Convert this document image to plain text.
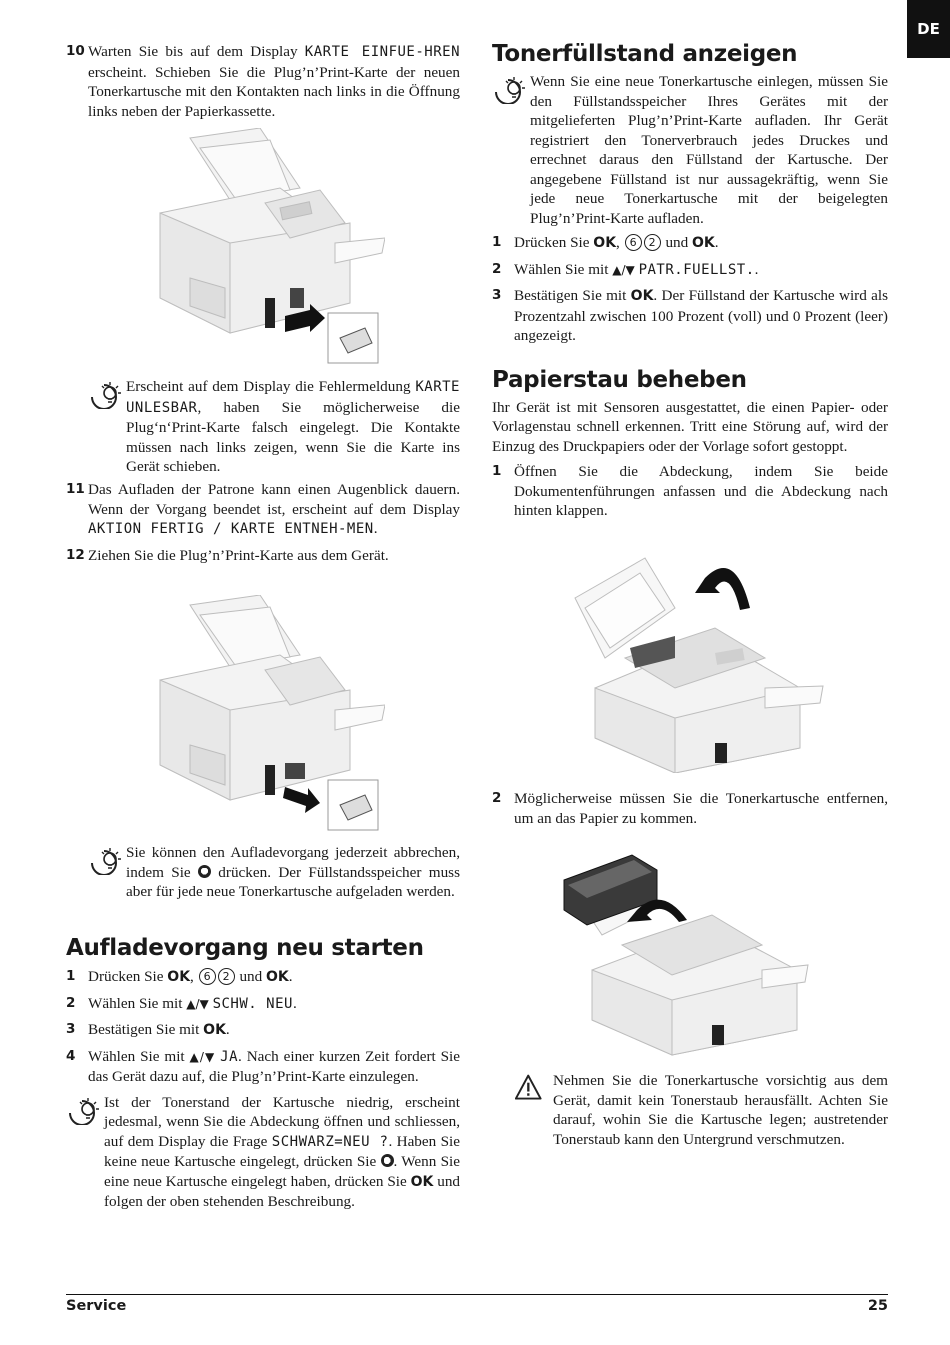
DE
10 Warten Sie bis auf dem Display KARTE EINFUE-HREN erscheint. Schieben Sie die Plug’n’Print-Karte der neuen Tonerkartusche mit den Kontakten nach links in die Öffnung links neben der Papierkassette.
Erscheint auf dem Display die Fehlermeldung KARTE UNLESBAR, haben Sie möglicherweise die Plug‘n‘Print-Karte falsch eingelegt. Die Kontakte müssen nach links zeigen, wenn Sie die Karte ins Gerät schieben.
11 Das Aufladen der Patrone kann einen Augenblick dauern. Wenn der Vorgang beendet ist, erscheint auf dem Display AKTION FERTIG / KARTE ENTNEH-MEN.
12 Ziehen Sie die Plug’n’Print-Karte aus dem Gerät.
Sie können den Aufladevorgang jederzeit abbrechen, indem Sie  drücken. Der Füllstandsspeicher muss aber für jede neue Tonerkartusche aufgeladen werden.
Aufladevorgang neu starten
1 Drücken Sie OK, 6 2 und OK.
2 Wählen Sie mit ▲/▼ SCHW. NEU.
3 Bestätigen Sie mit OK.
4 Wählen Sie mit ▲/▼ JA. Nach einer kurzen Zeit fordert Sie das Gerät dazu auf, die Plug’n’Print-Karte einzulegen.
Ist der Tonerstand der Kartusche niedrig, erscheint jedesmal, wenn Sie die Abdeckung öffnen und schliessen, auf dem Display die Frage SCHWARZ=NEU ?. Haben Sie keine neue Kartusche eingelegt, drücken Sie . Wenn Sie eine neue Kartusche eingelegt haben, drücken Sie OK und folgen der oben stehenden Beschreibung.
Tonerfüllstand anzeigen
Wenn Sie eine neue Tonerkartusche einlegen, müssen Sie den Füllstandsspeicher Ihres Gerätes mit der mitgelieferten Plug’n’Print-Karte aufladen. Ihr Gerät registriert den Tonerverbrauch jedes Druckes und errechnet daraus den Füllstand der Kartusche. Der angegebene Füllstand ist nur aussagekräftig, wenn Sie jede neue Tonerkartusche mit der beigelegten Plug’n’Print-Karte aufladen.
1 Drücken Sie OK, 6 2 und OK.
2 Wählen Sie mit ▲/▼ PATR.FUELLST..
3 Bestätigen Sie mit OK. Der Füllstand der Kartusche wird als Prozentzahl zwischen 100 Prozent (voll) und 0 Prozent (leer) angezeigt.
Papierstau beheben

Ihr Gerät ist mit Sensoren ausgestattet, die einen Papier- oder Vorlagenstau schnell erkennen. Tritt eine Störung auf, wird der Einzug des Druckpapiers oder der Vorlage sofort gestoppt.

1 Öffnen Sie die Abdeckung, indem Sie beide Dokumentenführungen anfassen und die Abdeckung nach hinten klappen.
2 Möglicherweise müssen Sie die Tonerkartusche entfernen, um an das Papier zu kommen.
Nehmen Sie die Tonerkartusche vorsichtig aus dem Gerät, damit kein Tonerstaub herausfällt. Achten Sie darauf, wohin Sie die Kartusche legen; austretender Tonerstaub kann den Untergrund verschmutzen.
Service	25
